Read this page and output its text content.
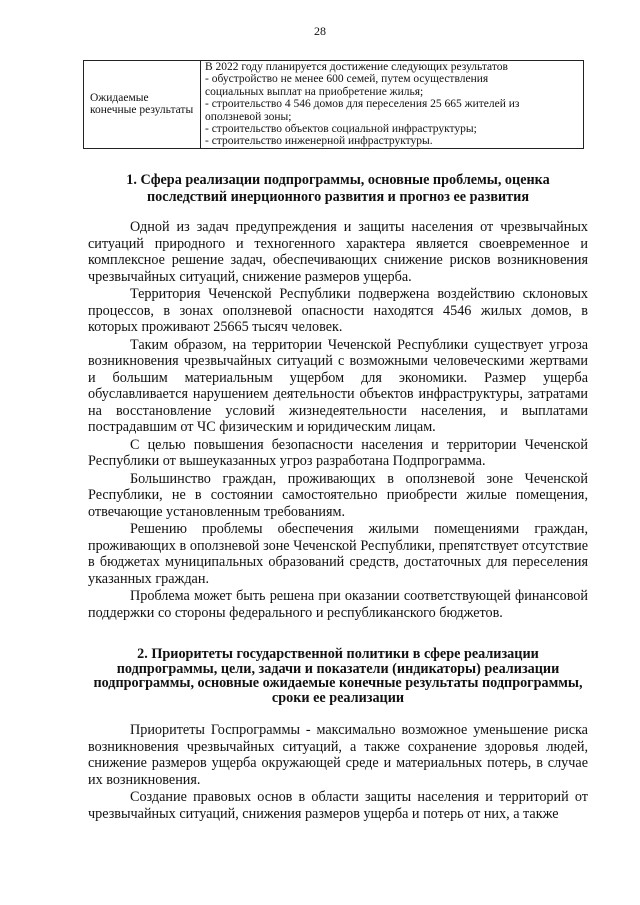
28
Ожидаемые конечные результаты	
В 2022 году планируется достижение следующих результатов
- обустройство не менее 600 семей, путем осуществления
социальных выплат на приобретение жилья;
- строительство 4 546 домов для переселения 25 665 жителей из
оползневой зоны;
- строительство объектов социальной инфраструктуры;
- строительство инженерной инфраструктуры.

1. Сфера реализации подпрограммы, основные проблемы, оценка последствий инерционного развития и прогноз ее развития

Одной из задач предупреждения и защиты населения от чрезвычайных ситуаций природного и техногенного характера является своевременное и комплексное решение задач, обеспечивающих снижение рисков возникновения чрезвычайных ситуаций, снижение размеров ущерба.

Территория Чеченской Республики подвержена воздействию склоновых процессов, в зонах оползневой опасности находятся 4546 жилых домов, в которых проживают 25665 тысяч человек.

Таким образом, на территории Чеченской Республики существует угроза возникновения чрезвычайных ситуаций с возможными человеческими жертвами и большим материальным ущербом для экономики. Размер ущерба обуславливается нарушением деятельности объектов инфраструктуры, затратами на восстановление условий жизнедеятельности населения, и выплатами пострадавшим от ЧС физическим и юридическим лицам.

С целью повышения безопасности населения и территории Чеченской Республики от вышеуказанных угроз разработана Подпрограмма.

Большинство граждан, проживающих в оползневой зоне Чеченской Республики, не в состоянии самостоятельно приобрести жилые помещения, отвечающие установленным требованиям.

Решению проблемы обеспечения жилыми помещениями граждан, проживающих в оползневой зоне Чеченской Республики, препятствует отсутствие в бюджетах муниципальных образований средств, достаточных для переселения указанных граждан.

Проблема может быть решена при оказании соответствующей финансовой поддержки со стороны федерального и республиканского бюджетов.

2. Приоритеты государственной политики в сфере реализации подпрограммы, цели, задачи и показатели (индикаторы) реализации подпрограммы, основные ожидаемые конечные результаты подпрограммы, сроки ее реализации

Приоритеты Госпрограммы - максимально возможное уменьшение риска возникновения чрезвычайных ситуаций, а также сохранение здоровья людей, снижение размеров ущерба окружающей среде и материальных потерь, в случае их возникновения.

Создание правовых основ в области защиты населения и территорий от чрезвычайных ситуаций, снижения размеров ущерба и потерь от них, а также
